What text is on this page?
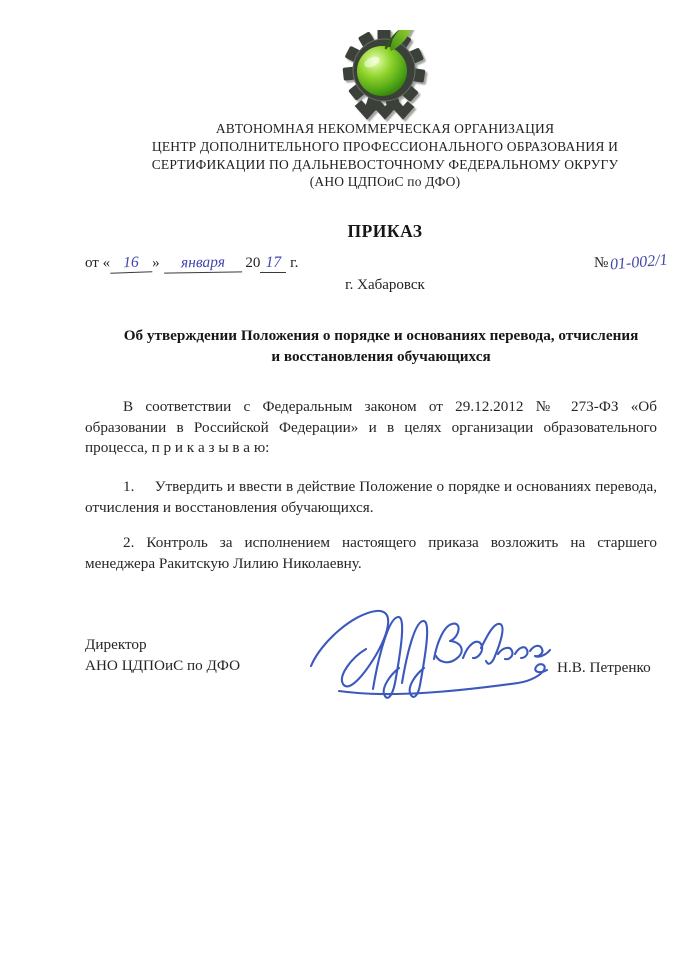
АВТОНОМНАЯ НЕКОММЕРЧЕСКАЯ ОРГАНИЗАЦИЯ
ЦЕНТР ДОПОЛНИТЕЛЬНОГО ПРОФЕССИОНАЛЬНОГО ОБРАЗОВАНИЯ И
СЕРТИФИКАЦИИ ПО ДАЛЬНЕВОСТОЧНОМУ ФЕДЕРАЛЬНОМУ ОКРУГУ
(АНО ЦДПОиС по ДФО)
ПРИКАЗ
от « 16 » января 20 17 г.	№01-002/1
г. Хабаровск
Об утверждении Положения о порядке и основаниях перевода, отчисления
и восстановления обучающихся
В соответствии с Федеральным законом от 29.12.2012 № 273-ФЗ «Об образовании в Российской Федерации» и в целях организации образовательного процесса, п р и к а з ы в а ю:
1.     Утвердить и ввести в действие Положение о порядке и основаниях перевода, отчисления и восстановления обучающихся.
2. Контроль за исполнением настоящего приказа возложить на старшего менеджера Ракитскую Лилию Николаевну.
Директор
АНО ЦДПОиС по ДФО	Н.В. Петренко
